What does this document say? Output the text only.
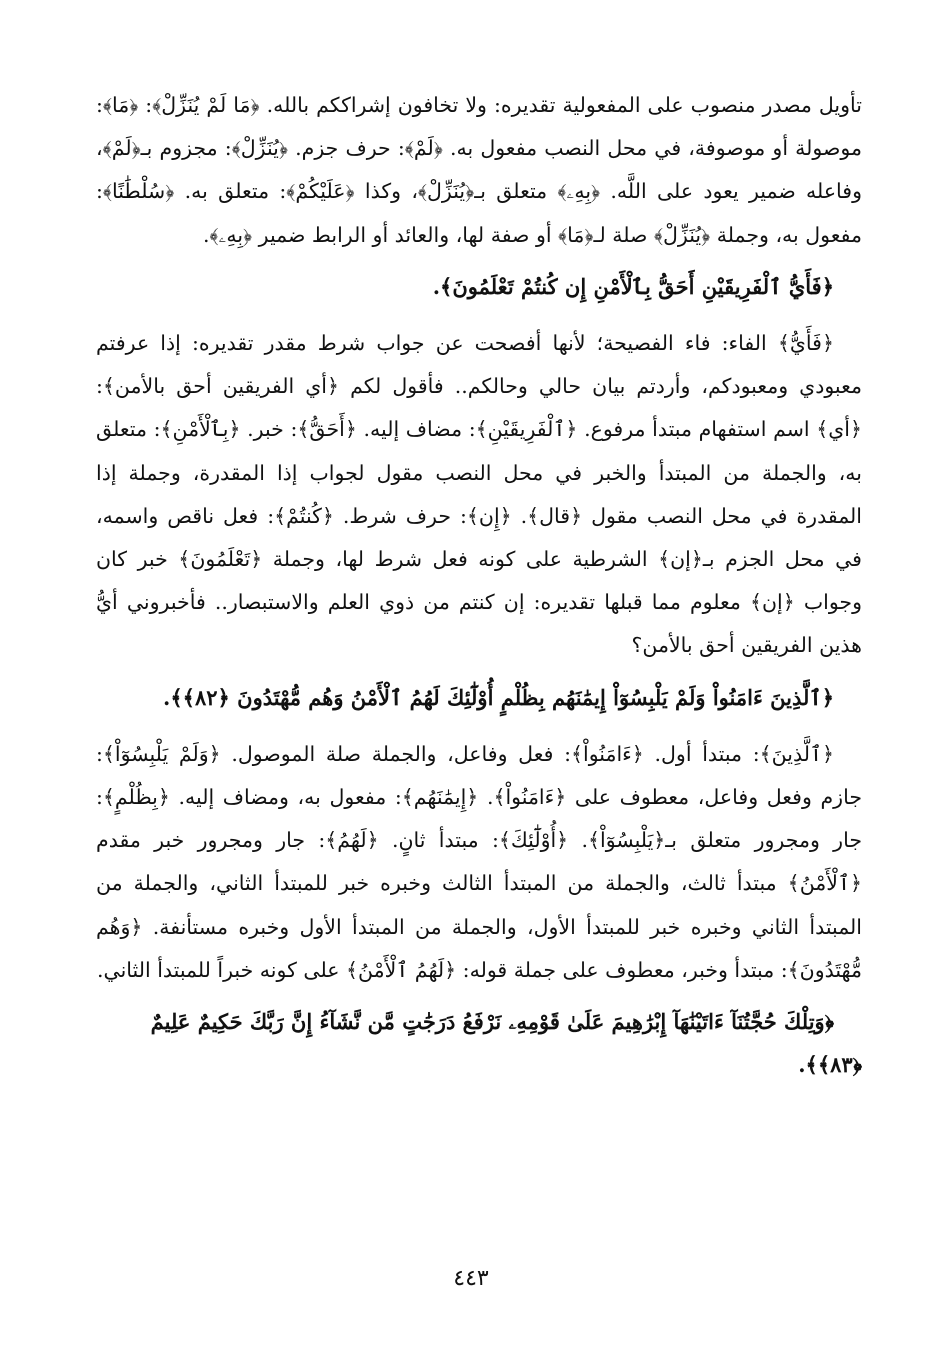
تأويل مصدر منصوب على المفعولية تقديره: ولا تخافون إشراككم بالله. ﴿مَا لَمْ يُنَزِّلْ﴾: ﴿مَا﴾: موصولة أو موصوفة، في محل النصب مفعول به. ﴿لَمْ﴾: حرف جزم. ﴿يُنَزِّلْ﴾: مجزوم بـ﴿لَمْ﴾، وفاعله ضمير يعود على اللَّه. ﴿بِهِۦ﴾ متعلق بـ﴿يُنَزِّلْ﴾، وكذا ﴿عَلَيْكُمْ﴾: متعلق به. ﴿سُلْطَٰنًا﴾: مفعول به، وجملة ﴿يُنَزِّلْ﴾ صلة لـ﴿مَا﴾ أو صفة لها، والعائد أو الرابط ضمير ﴿بِهِۦ﴾.

﴿فَأَيُّ ٱلْفَرِيقَيْنِ أَحَقُّ بِٱلْأَمْنِ إِن كُنتُمْ تَعْلَمُونَ﴾.

﴿فَأَيُّ﴾ الفاء: فاء الفصيحة؛ لأنها أفصحت عن جواب شرط مقدر تقديره: إذا عرفتم معبودي ومعبودكم، وأردتم بيان حالي وحالكم.. فأقول لكم ﴿أي الفريقين أحق بالأمن﴾: ﴿أي﴾ اسم استفهام مبتدأ مرفوع. ﴿ٱلْفَرِيقَيْنِ﴾: مضاف إليه. ﴿أَحَقُّ﴾: خبر. ﴿بِٱلْأَمْنِ﴾: متعلق به، والجملة من المبتدأ والخبر في محل النصب مقول لجواب إذا المقدرة، وجملة إذا المقدرة في محل النصب مقول ﴿قال﴾. ﴿إِن﴾: حرف شرط. ﴿كُنتُمْ﴾: فعل ناقص واسمه، في محل الجزم بـ﴿إن﴾ الشرطية على كونه فعل شرط لها، وجملة ﴿تَعْلَمُونَ﴾ خبر كان وجواب ﴿إن﴾ معلوم مما قبلها تقديره: إن كنتم من ذوي العلم والاستبصار.. فأخبروني أيُّ هذين الفريقين أحق بالأمن؟

﴿ٱلَّذِينَ ءَامَنُواْ وَلَمْ يَلْبِسُوٓاْ إِيمَٰنَهُم بِظُلْمٍ أُوْلَٰٓئِكَ لَهُمُ ٱلْأَمْنُ وَهُم مُّهْتَدُونَ ﴿٨٢﴾﴾.

﴿ٱلَّذِينَ﴾: مبتدأ أول. ﴿ءَامَنُواْ﴾: فعل وفاعل، والجملة صلة الموصول. ﴿وَلَمْ يَلْبِسُوٓاْ﴾: جازم وفعل وفاعل، معطوف على ﴿ءَامَنُواْ﴾. ﴿إِيمَٰنَهُم﴾: مفعول به، ومضاف إليه. ﴿بِظُلْمٍ﴾: جار ومجرور متعلق بـ﴿يَلْبِسُوٓاْ﴾. ﴿أُوْلَٰٓئِكَ﴾: مبتدأ ثانٍ. ﴿لَهُمُ﴾: جار ومجرور خبر مقدم ﴿ٱلْأَمْنُ﴾ مبتدأ ثالث، والجملة من المبتدأ الثالث وخبره خبر للمبتدأ الثاني، والجملة من المبتدأ الثاني وخبره خبر للمبتدأ الأول، والجملة من المبتدأ الأول وخبره مستأنفة. ﴿وَهُم مُّهْتَدُونَ﴾: مبتدأ وخبر، معطوف على جملة قوله: ﴿لَهُمُ ٱلْأَمْنُ﴾ على كونه خبراً للمبتدأ الثاني.

﴿وَتِلْكَ حُجَّتُنَآ ءَاتَيْنَٰهَآ إِبْرَٰهِيمَ عَلَىٰ قَوْمِهِۦ نَرْفَعُ دَرَجَٰتٍ مَّن نَّشَآءُ إِنَّ رَبَّكَ حَكِيمٌ عَلِيمٌ ﴿٨٣﴾﴾.

٤٤٣
